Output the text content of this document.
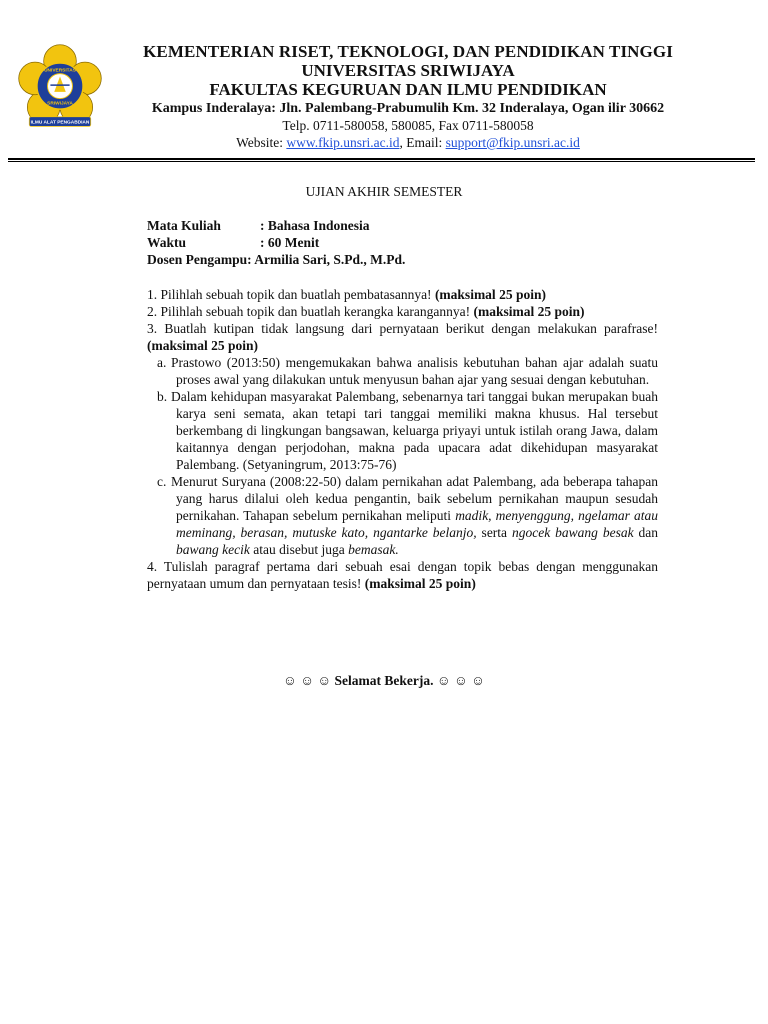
UNIVERSITAS
SRIWIJAYA
ILMU ALAT PENGABDIAN
KEMENTERIAN RISET, TEKNOLOGI, DAN PENDIDIKAN TINGGI
UNIVERSITAS SRIWIJAYA
FAKULTAS KEGURUAN DAN ILMU PENDIDIKAN
Kampus Inderalaya: Jln. Palembang-Prabumulih Km. 32 Inderalaya, Ogan ilir 30662
Telp. 0711-580058, 580085, Fax 0711-580058
Website: www.fkip.unsri.ac.id, Email: support@fkip.unsri.ac.id
UJIAN AKHIR SEMESTER
Mata Kuliah	: Bahasa Indonesia
Waktu	: 60 Menit
Dosen Pengampu: Armilia Sari, S.Pd., M.Pd.

1. Pilihlah sebuah topik dan buatlah pembatasannya! (maksimal 25 poin)

2. Pilihlah sebuah topik dan buatlah kerangka karangannya! (maksimal 25 poin)

3. Buatlah kutipan tidak langsung dari pernyataan berikut dengan melakukan parafrase! (maksimal 25 poin)

a. Prastowo (2013:50) mengemukakan bahwa analisis kebutuhan bahan ajar adalah suatu proses awal yang dilakukan untuk menyusun bahan ajar yang sesuai dengan kebutuhan.

b. Dalam kehidupan masyarakat Palembang, sebenarnya tari tanggai bukan merupakan buah karya seni semata, akan tetapi tari tanggai memiliki makna khusus. Hal tersebut berkembang di lingkungan bangsawan, keluarga priyayi untuk istilah orang Jawa, dalam kaitannya dengan perjodohan, makna pada upacara adat dikehidupan masyarakat Palembang. (Setyaningrum, 2013:75-76)

c. Menurut Suryana (2008:22-50) dalam pernikahan adat Palembang, ada beberapa tahapan yang harus dilalui oleh kedua pengantin, baik sebelum pernikahan maupun sesudah pernikahan. Tahapan sebelum pernikahan meliputi madik, menyenggung, ngelamar atau meminang, berasan, mutuske kato, ngantarke belanjo, serta ngocek bawang besak dan bawang kecik atau disebut juga bemasak.

4. Tulislah paragraf pertama dari sebuah esai dengan topik bebas dengan menggunakan pernyataan umum dan pernyataan tesis! (maksimal 25 poin)

☺ ☺ ☺ Selamat Bekerja. ☺ ☺ ☺
